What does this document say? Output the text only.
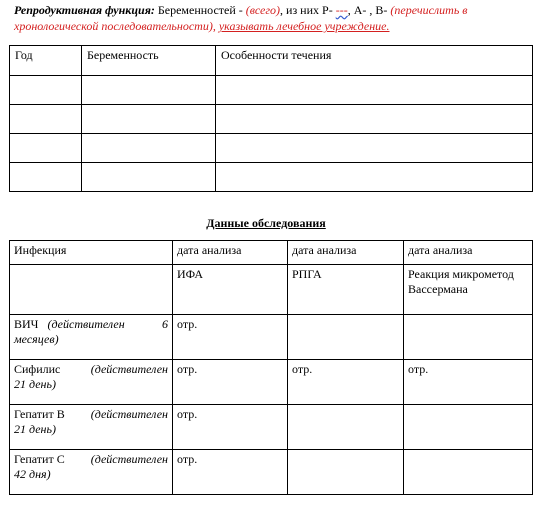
Репродуктивная функция: Беременностей - (всего), из них Р- ---, А- , В- (перечислить в хронологической последовательности), указывать лечебное учреждение.
Год	Беременность	Особенности течения

Данные обследования
Инфекция	дата анализа	дата анализа	дата анализа
	ИФА	РПГА	Реакция микрометод Вассермана

ВИЧ (действителен 6
месяцев)	отр.		

Сифилис (действителен
21 день)	отр.	отр.	отр.

Гепатит В (действителен
21 день)	отр.		

Гепатит С (действителен
42 дня)	отр.		
